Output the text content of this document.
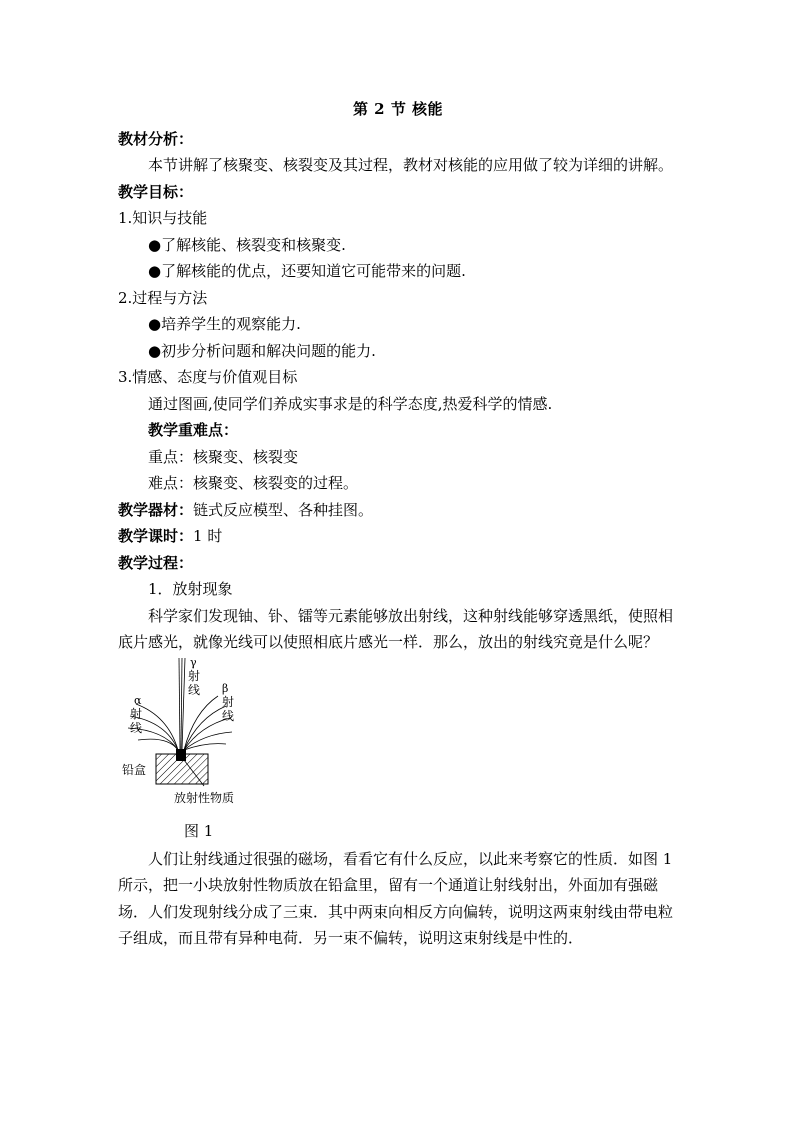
第 2 节 核能
教材分析：
本节讲解了核聚变、核裂变及其过程，教材对核能的应用做了较为详细的讲解。
教学目标：
1.知识与技能
●了解核能、核裂变和核聚变.
●了解核能的优点，还要知道它可能带来的问题.
2.过程与方法
●培养学生的观察能力.
●初步分析问题和解决问题的能力.
3.情感、态度与价值观目标
通过图画,使同学们养成实事求是的科学态度,热爱科学的情感.
教学重难点：
重点：核聚变、核裂变
难点：核聚变、核裂变的过程。
教学器材：链式反应模型、各种挂图。
教学课时：1 时
教学过程：
1．放射现象
科学家们发现铀、钋、镭等元素能够放出射线，这种射线能够穿透黑纸，使照相底片感光，就像光线可以使照相底片感光一样．那么，放出的射线究竟是什么呢？
γ
射
线
α
射
线
β
射
线
铅盒
放射性物质
图 1
人们让射线通过很强的磁场，看看它有什么反应，以此来考察它的性质．如图 1 所示，把一小块放射性物质放在铅盒里，留有一个通道让射线射出，外面加有强磁场．人们发现射线分成了三束．其中两束向相反方向偏转，说明这两束射线由带电粒子组成，而且带有异种电荷．另一束不偏转，说明这束射线是中性的．
